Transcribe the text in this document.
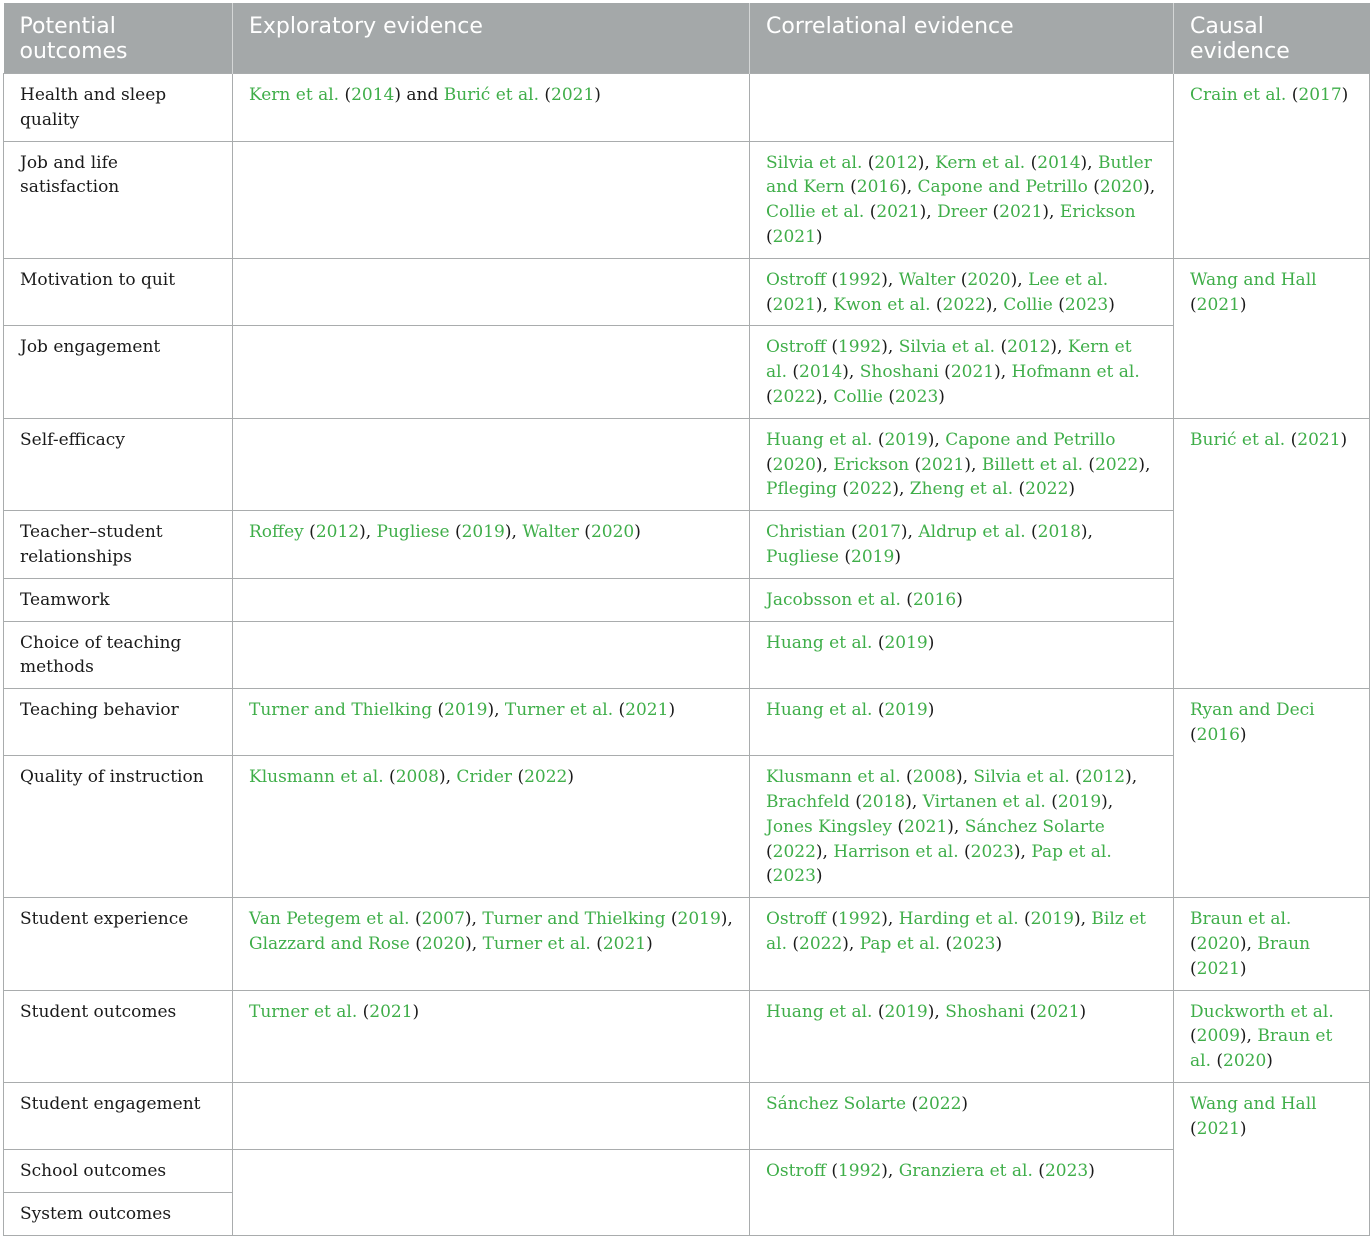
Potential outcomes	Exploratory evidence	Correlational evidence	Causal evidence
Health and sleep quality	Kern et al. (2014) and Burić et al. (2021)		Crain et al. (2017)
Job and life satisfaction		Silvia et al. (2012), Kern et al. (2014), Butler and Kern (2016), Capone and Petrillo (2020), Collie et al. (2021), Dreer (2021), Erickson (2021)	
Motivation to quit		Ostroff (1992), Walter (2020), Lee et al. (2021), Kwon et al. (2022), Collie (2023)	Wang and Hall (2021)
Job engagement		Ostroff (1992), Silvia et al. (2012), Kern et al. (2014), Shoshani (2021), Hofmann et al. (2022), Collie (2023)	
Self-efficacy		Huang et al. (2019), Capone and Petrillo (2020), Erickson (2021), Billett et al. (2022), Pfleging (2022), Zheng et al. (2022)	Burić et al. (2021)
Teacher–student relationships	Roffey (2012), Pugliese (2019), Walter (2020)	Christian (2017), Aldrup et al. (2018), Pugliese (2019)	
Teamwork		Jacobsson et al. (2016)	
Choice of teaching methods		Huang et al. (2019)	
Teaching behavior	Turner and Thielking (2019), Turner et al. (2021)	Huang et al. (2019)	Ryan and Deci (2016)
Quality of instruction	Klusmann et al. (2008), Crider (2022)	Klusmann et al. (2008), Silvia et al. (2012), Brachfeld (2018), Virtanen et al. (2019), Jones Kingsley (2021), Sánchez Solarte (2022), Harrison et al. (2023), Pap et al. (2023)	
Student experience	Van Petegem et al. (2007), Turner and Thielking (2019), Glazzard and Rose (2020), Turner et al. (2021)	Ostroff (1992), Harding et al. (2019), Bilz et al. (2022), Pap et al. (2023)	Braun et al. (2020), Braun (2021)
Student outcomes	Turner et al. (2021)	Huang et al. (2019), Shoshani (2021)	Duckworth et al. (2009), Braun et al. (2020)
Student engagement		Sánchez Solarte (2022)	Wang and Hall (2021)
School outcomes		Ostroff (1992), Granziera et al. (2023)	
System outcomes			
